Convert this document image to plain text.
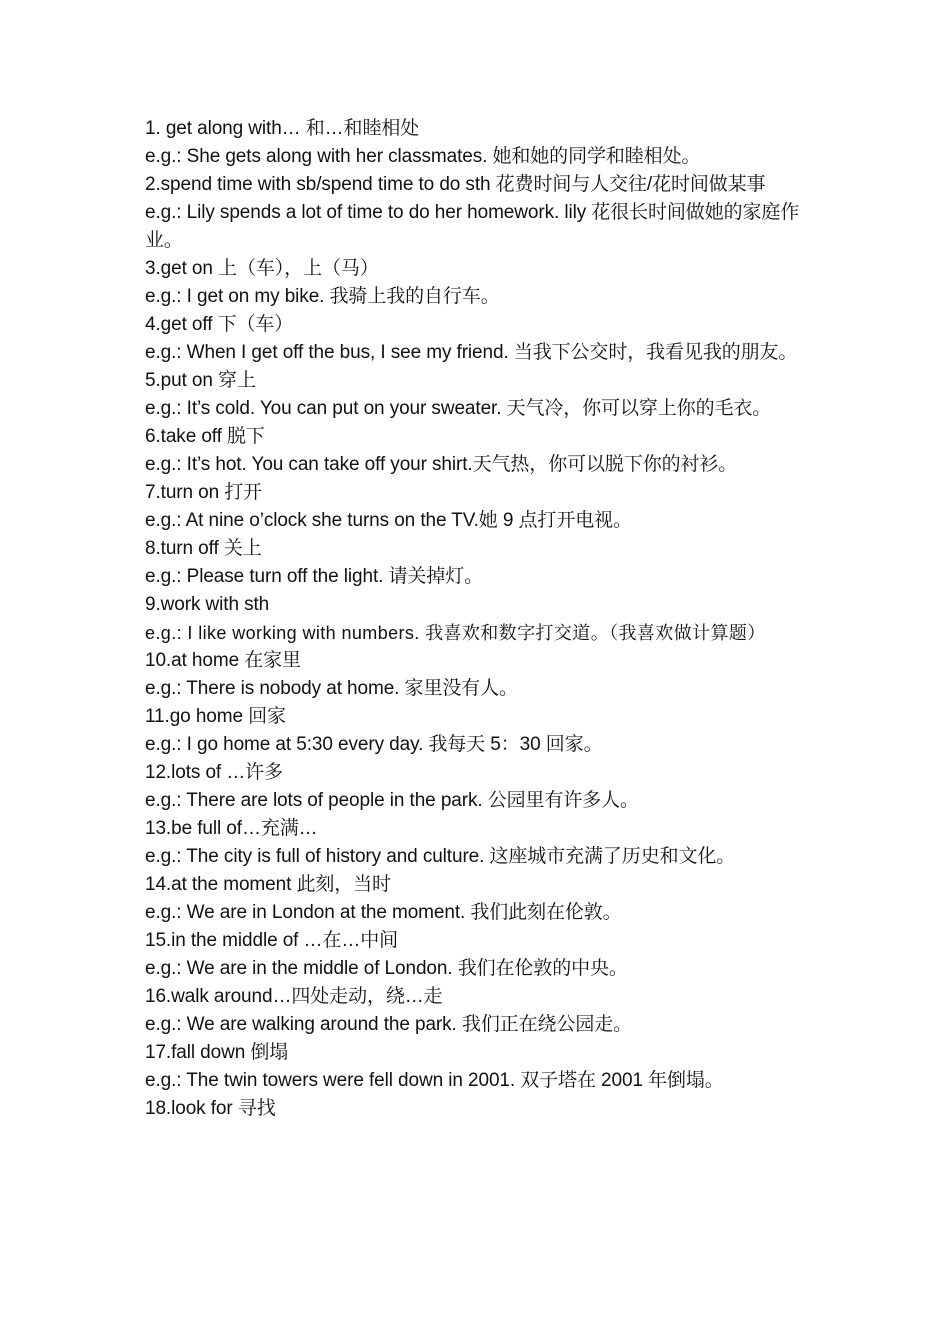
1. get along with… 和…和睦相处

e.g.: She gets along with her classmates. 她和她的同学和睦相处。

2.spend time with sb/spend time to do sth 花费时间与人交往/花时间做某事

e.g.: Lily spends a lot of time to do her homework. lily 花很长时间做她的家庭作业。

3.get on 上（车），上（马）

e.g.: I get on my bike. 我骑上我的自行车。

4.get off 下（车）

e.g.: When I get off the bus, I see my friend. 当我下公交时，我看见我的朋友。

5.put on 穿上

e.g.: It’s cold. You can put on your sweater. 天气冷，你可以穿上你的毛衣。

6.take off 脱下

e.g.: It’s hot. You can take off your shirt.天气热，你可以脱下你的衬衫。

7.turn on 打开

e.g.: At nine o’clock she turns on the TV.她 9 点打开电视。

8.turn off 关上

e.g.: Please turn off the light. 请关掉灯。

9.work with sth

e.g.: I like working with numbers. 我喜欢和数字打交道。（我喜欢做计算题）

10.at home 在家里

e.g.: There is nobody at home. 家里没有人。

11.go home 回家

e.g.: I go home at 5:30 every day. 我每天 5：30 回家。

12.lots of …许多

e.g.: There are lots of people in the park. 公园里有许多人。

13.be full of…充满…

e.g.: The city is full of history and culture. 这座城市充满了历史和文化。

14.at the moment 此刻，当时

e.g.: We are in London at the moment. 我们此刻在伦敦。

15.in the middle of …在…中间

e.g.: We are in the middle of London. 我们在伦敦的中央。

16.walk around…四处走动，绕…走

e.g.: We are walking around the park. 我们正在绕公园走。

17.fall down 倒塌

e.g.: The twin towers were fell down in 2001. 双子塔在 2001 年倒塌。

18.look for 寻找
